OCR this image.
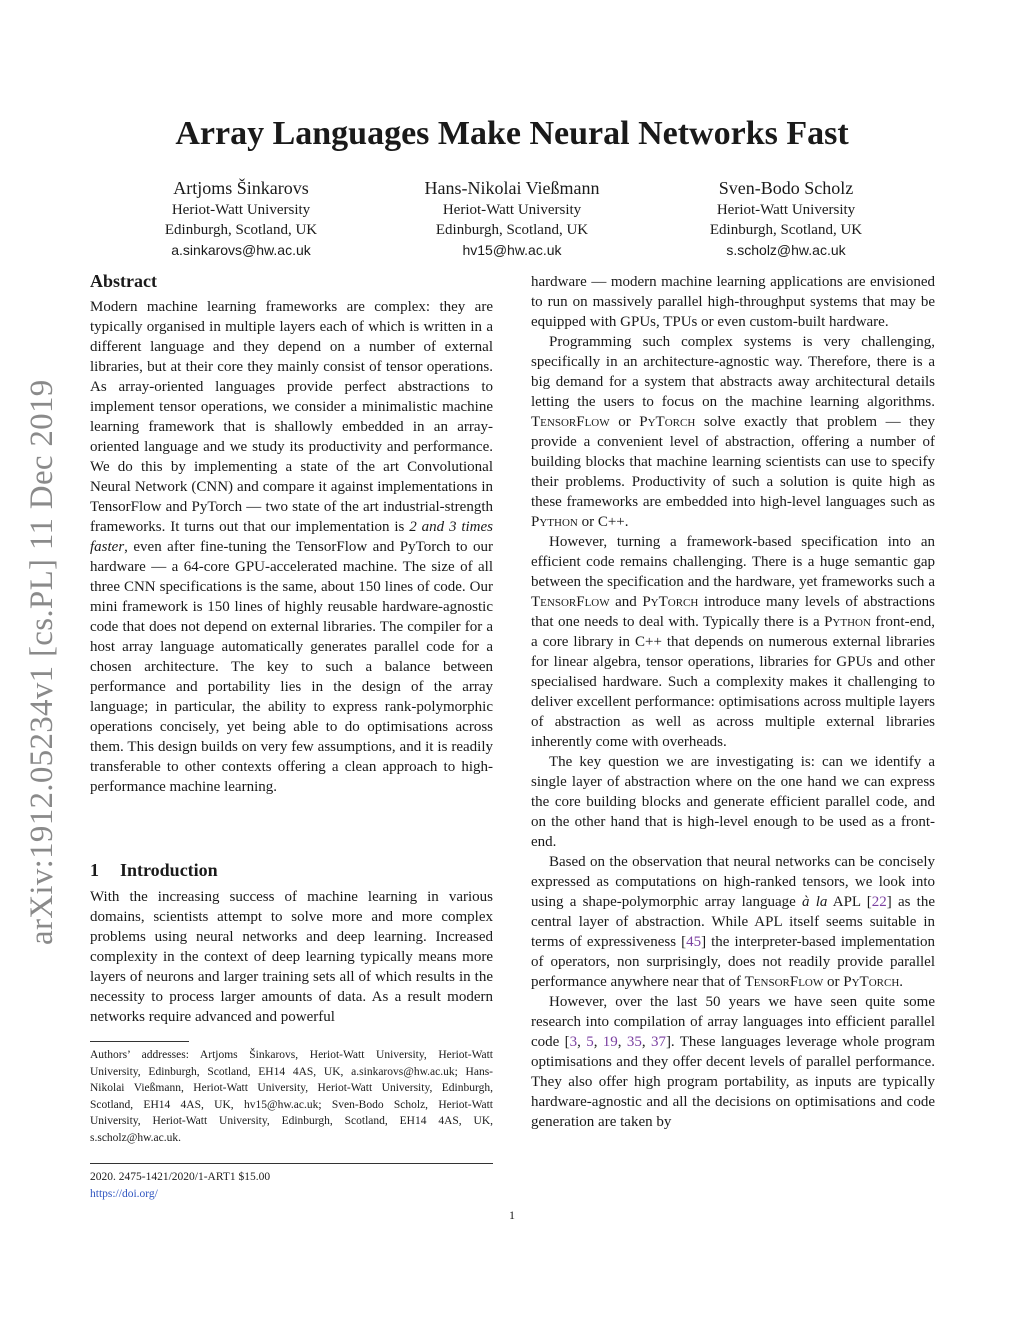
arXiv:1912.05234v1 [cs.PL] 11 Dec 2019
Array Languages Make Neural Networks Fast
Artjoms Šinkarovs
Heriot-Watt University
Edinburgh, Scotland, UK
a.sinkarovs@hw.ac.uk
Hans-Nikolai Vießmann
Heriot-Watt University
Edinburgh, Scotland, UK
hv15@hw.ac.uk
Sven-Bodo Scholz
Heriot-Watt University
Edinburgh, Scotland, UK
s.scholz@hw.ac.uk
Abstract

Modern machine learning frameworks are complex: they are typically organised in multiple layers each of which is written in a different language and they depend on a number of external libraries, but at their core they mainly consist of tensor operations. As array-oriented languages provide perfect abstractions to implement tensor operations, we consider a minimalistic machine learning framework that is shallowly embedded in an array-oriented language and we study its productivity and performance. We do this by implementing a state of the art Convolutional Neural Network (CNN) and compare it against implementations in TensorFlow and PyTorch — two state of the art industrial-strength frameworks. It turns out that our implementation is 2 and 3 times faster, even after fine-tuning the TensorFlow and PyTorch to our hardware — a 64-core GPU-accelerated machine. The size of all three CNN specifications is the same, about 150 lines of code. Our mini framework is 150 lines of highly reusable hardware-agnostic code that does not depend on external libraries. The compiler for a host array language automatically generates parallel code for a chosen architecture. The key to such a balance between performance and portability lies in the design of the array language; in particular, the ability to express rank-polymorphic operations concisely, yet being able to do optimisations across them. This design builds on very few assumptions, and it is readily transferable to other contexts offering a clean approach to high-performance machine learning.

1 Introduction

With the increasing success of machine learning in various domains, scientists attempt to solve more and more complex problems using neural networks and deep learning. Increased complexity in the context of deep learning typically means more layers of neurons and larger training sets all of which results in the necessity to process larger amounts of data. As a result modern networks require advanced and powerful

Authors’ addresses: Artjoms Šinkarovs, Heriot-Watt University, Heriot-Watt University, Edinburgh, Scotland, EH14 4AS, UK, a.sinkarovs@hw.ac.uk; Hans-Nikolai Vießmann, Heriot-Watt University, Heriot-Watt University, Edinburgh, Scotland, EH14 4AS, UK, hv15@hw.ac.uk; Sven-Bodo Scholz, Heriot-Watt University, Heriot-Watt University, Edinburgh, Scotland, EH14 4AS, UK, s.scholz@hw.ac.uk.
2020. 2475-1421/2020/1-ART1 $15.00
https://doi.org/

hardware — modern machine learning applications are envisioned to run on massively parallel high-throughput systems that may be equipped with GPUs, TPUs or even custom-built hardware.

Programming such complex systems is very challenging, specifically in an architecture-agnostic way. Therefore, there is a big demand for a system that abstracts away architectural details letting the users to focus on the machine learning algorithms. TensorFlow or PyTorch solve exactly that problem — they provide a convenient level of abstraction, offering a number of building blocks that machine learning scientists can use to specify their problems. Productivity of such a solution is quite high as these frameworks are embedded into high-level languages such as Python or C++.

However, turning a framework-based specification into an efficient code remains challenging. There is a huge semantic gap between the specification and the hardware, yet frameworks such a TensorFlow and PyTorch introduce many levels of abstractions that one needs to deal with. Typically there is a Python front-end, a core library in C++ that depends on numerous external libraries for linear algebra, tensor operations, libraries for GPUs and other specialised hardware. Such a complexity makes it challenging to deliver excellent performance: optimisations across multiple layers of abstraction as well as across multiple external libraries inherently come with overheads.

The key question we are investigating is: can we identify a single layer of abstraction where on the one hand we can express the core building blocks and generate efficient parallel code, and on the other hand that is high-level enough to be used as a front-end.

Based on the observation that neural networks can be concisely expressed as computations on high-ranked tensors, we look into using a shape-polymorphic array language à la APL [22] as the central layer of abstraction. While APL itself seems suitable in terms of expressiveness [45] the interpreter-based implementation of operators, non surprisingly, does not readily provide parallel performance anywhere near that of TensorFlow or PyTorch.

However, over the last 50 years we have seen quite some research into compilation of array languages into efficient parallel code [3, 5, 19, 35, 37]. These languages leverage whole program optimisations and they offer decent levels of parallel performance. They also offer high program portability, as inputs are typically hardware-agnostic and all the decisions on optimisations and code generation are taken by

1
